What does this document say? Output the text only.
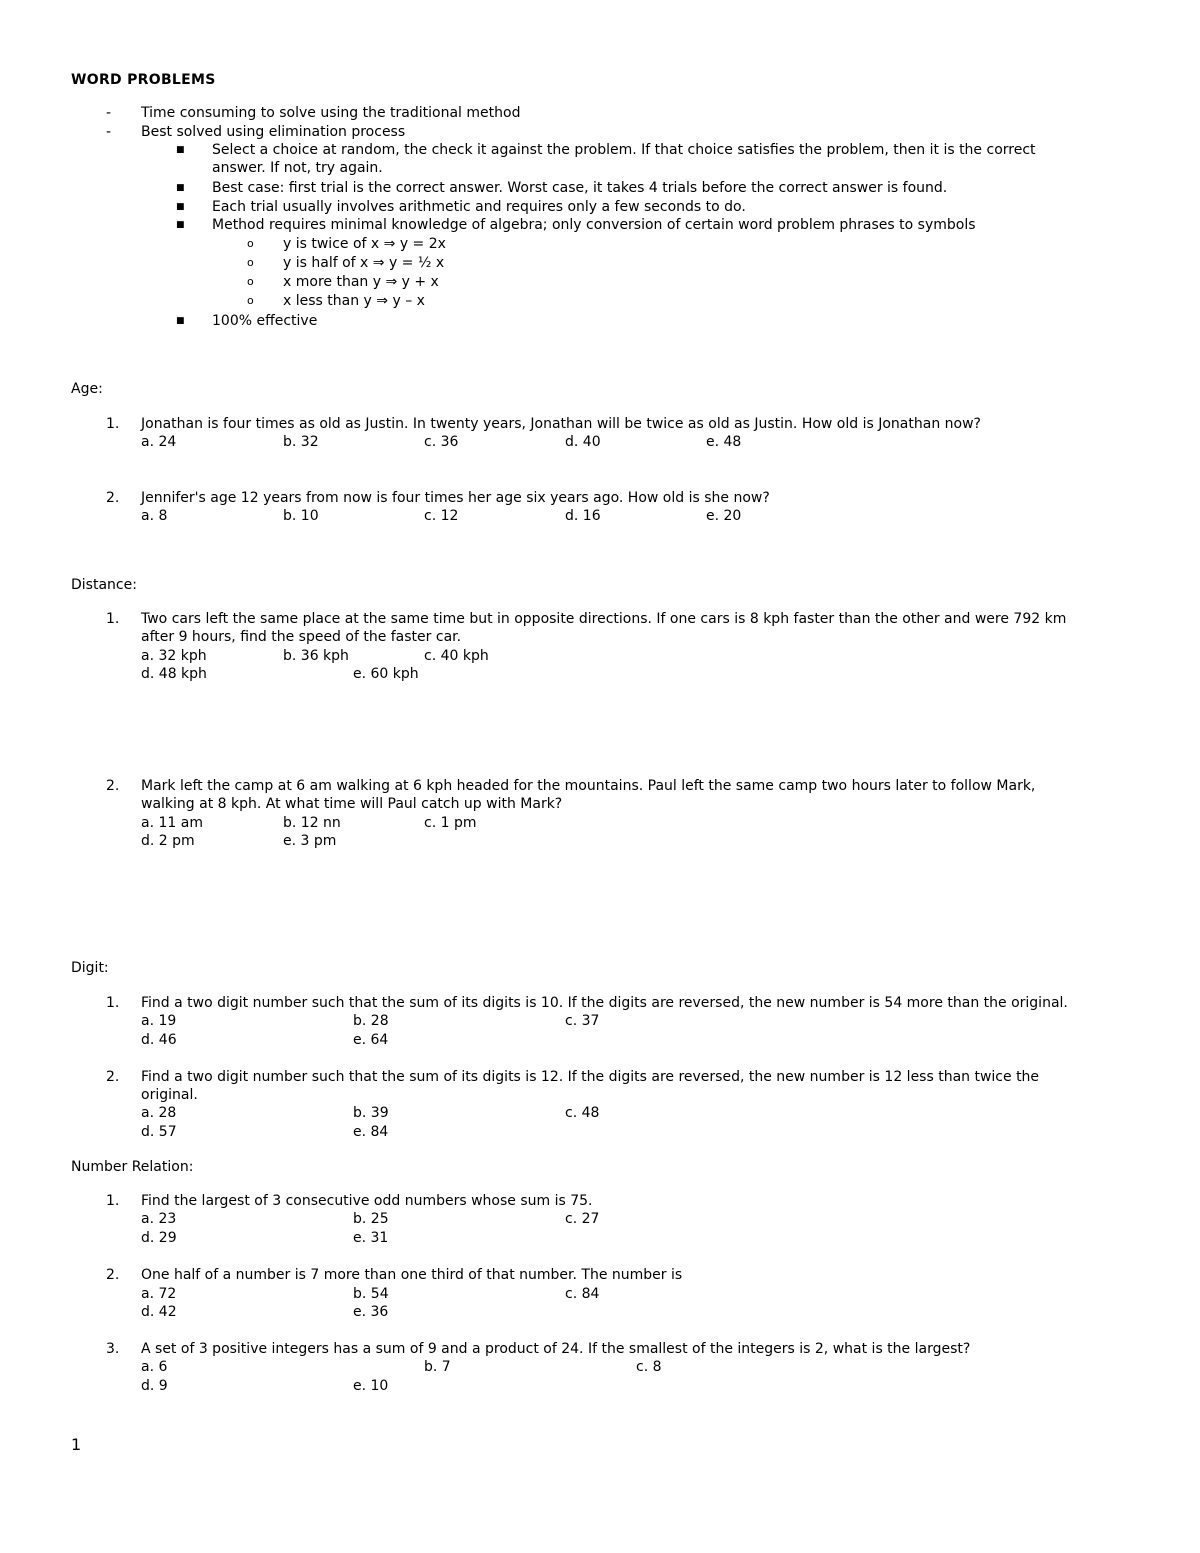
WORD PROBLEMS
- Time consuming to solve using the traditional method
- Best solved using elimination process
■ Select a choice at random, the check it against the problem. If that choice satisfies the problem, then it is the correct answer. If not, try again.
■ Best case: first trial is the correct answer. Worst case, it takes 4 trials before the correct answer is found.
■ Each trial usually involves arithmetic and requires only a few seconds to do.
■ Method requires minimal knowledge of algebra; only conversion of certain word problem phrases to symbols
o y is twice of x ⇒ y = 2x
o y is half of x ⇒ y = ½ x
o x more than y ⇒ y + x
o x less than y ⇒ y – x
■ 100% effective
Age:
1. Jonathan is four times as old as Justin. In twenty years, Jonathan will be twice as old as Justin. How old is Jonathan now?
a. 24	b. 32	c. 36	d. 40	e. 48
2. Jennifer's age 12 years from now is four times her age six years ago. How old is she now?
a. 8	b. 10	c. 12	d. 16	e. 20
Distance:
1. Two cars left the same place at the same time but in opposite directions. If one cars is 8 kph faster than the other and were 792 km
after 9 hours, find the speed of the faster car.
a. 32 kph	b. 36 kph	c. 40 kph
d. 48 kph	e. 60 kph
2. Mark left the camp at 6 am walking at 6 kph headed for the mountains. Paul left the same camp two hours later to follow Mark,
walking at 8 kph. At what time will Paul catch up with Mark?
a. 11 am	b. 12 nn	c. 1 pm
d. 2 pm	e. 3 pm
Digit:
1. Find a two digit number such that the sum of its digits is 10. If the digits are reversed, the new number is 54 more than the original.
a. 19	b. 28	c. 37
d. 46	e. 64
2. Find a two digit number such that the sum of its digits is 12. If the digits are reversed, the new number is 12 less than twice the
original.
a. 28	b. 39	c. 48
d. 57	e. 84
Number Relation:
1. Find the largest of 3 consecutive odd numbers whose sum is 75.
a. 23	b. 25	c. 27
d. 29	e. 31
2. One half of a number is 7 more than one third of that number. The number is
a. 72	b. 54	c. 84
d. 42	e. 36
3. A set of 3 positive integers has a sum of 9 and a product of 24. If the smallest of the integers is 2, what is the largest?
a. 6	b. 7	c. 8
d. 9	e. 10
1
